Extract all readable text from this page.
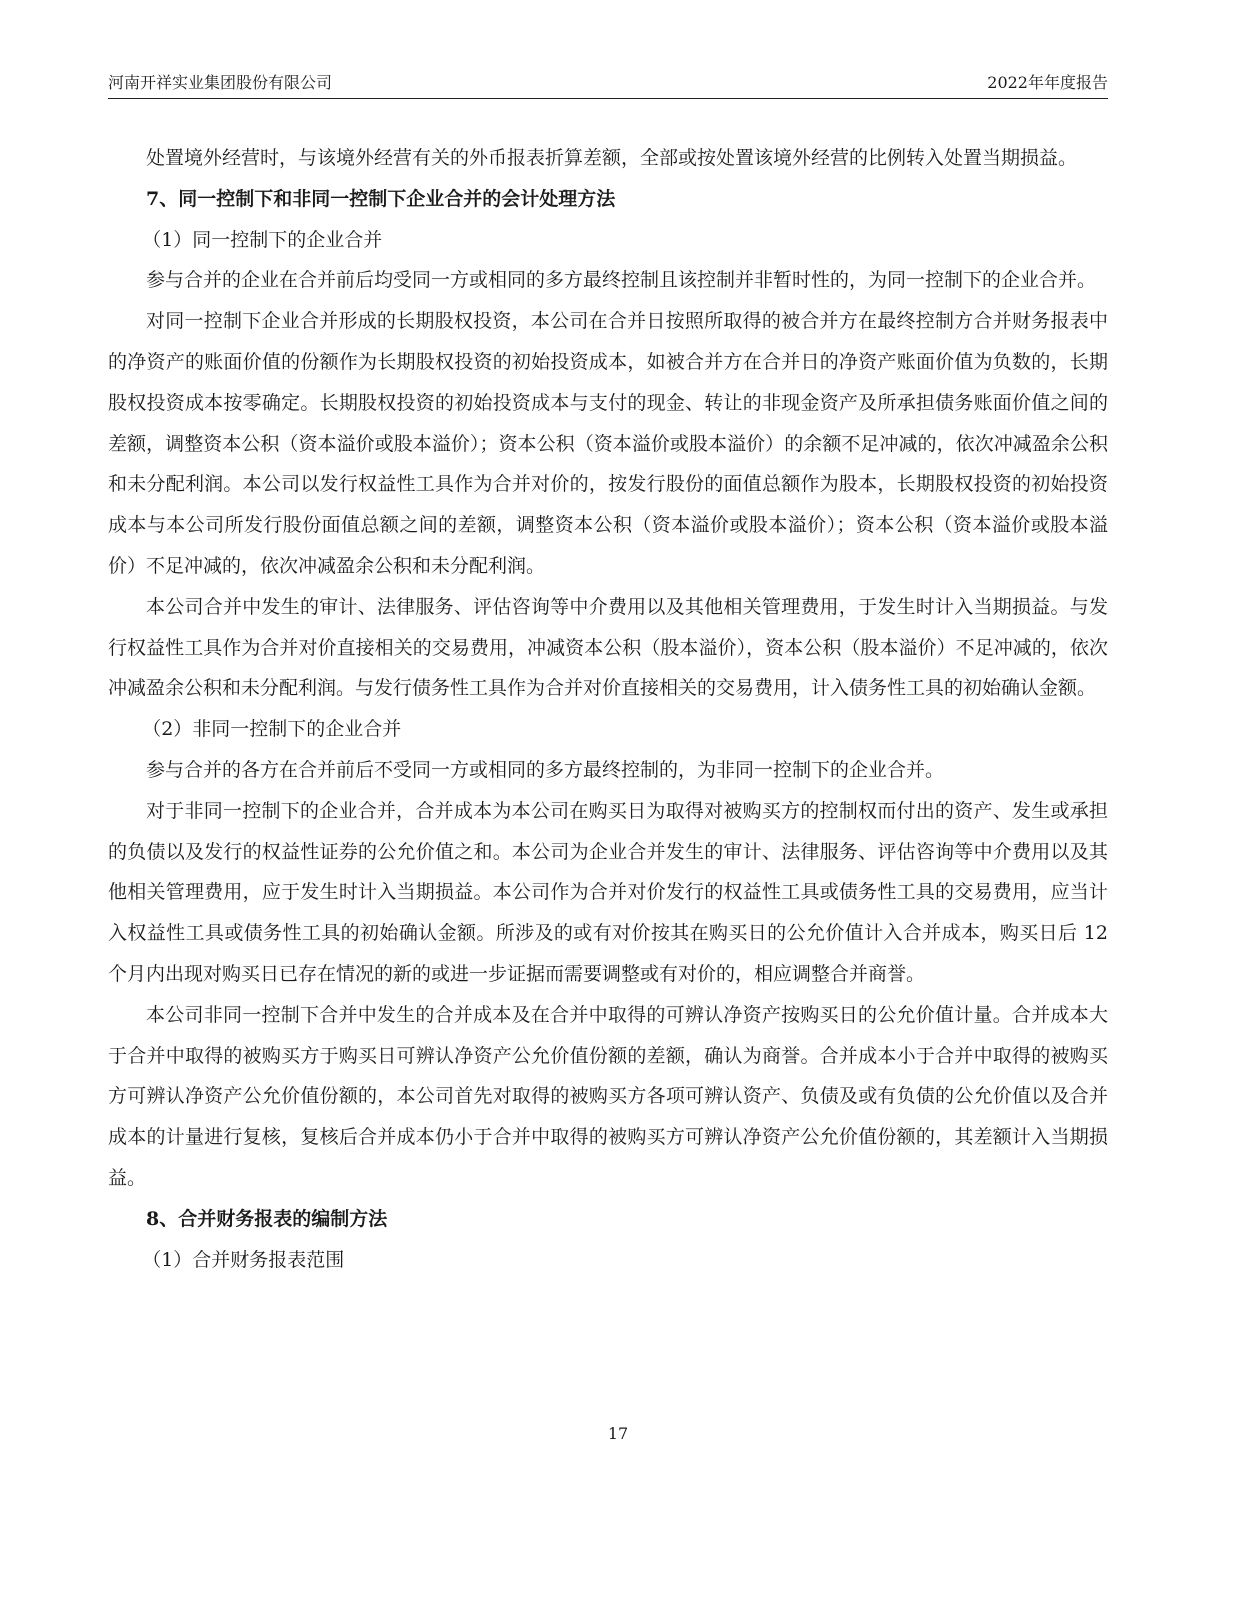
河南开祥实业集团股份有限公司	2022年年度报告

处置境外经营时，与该境外经营有关的外币报表折算差额，全部或按处置该境外经营的比例转入处置当期损益。

7、同一控制下和非同一控制下企业合并的会计处理方法

（1）同一控制下的企业合并

参与合并的企业在合并前后均受同一方或相同的多方最终控制且该控制并非暂时性的，为同一控制下的企业合并。

对同一控制下企业合并形成的长期股权投资，本公司在合并日按照所取得的被合并方在最终控制方合并财务报表中的净资产的账面价值的份额作为长期股权投资的初始投资成本，如被合并方在合并日的净资产账面价值为负数的，长期股权投资成本按零确定。长期股权投资的初始投资成本与支付的现金、转让的非现金资产及所承担债务账面价值之间的差额，调整资本公积（资本溢价或股本溢价）；资本公积（资本溢价或股本溢价）的余额不足冲减的，依次冲减盈余公积和未分配利润。本公司以发行权益性工具作为合并对价的，按发行股份的面值总额作为股本，长期股权投资的初始投资成本与本公司所发行股份面值总额之间的差额，调整资本公积（资本溢价或股本溢价）；资本公积（资本溢价或股本溢价）不足冲减的，依次冲减盈余公积和未分配利润。

本公司合并中发生的审计、法律服务、评估咨询等中介费用以及其他相关管理费用，于发生时计入当期损益。与发行权益性工具作为合并对价直接相关的交易费用，冲减资本公积（股本溢价），资本公积（股本溢价）不足冲减的，依次冲减盈余公积和未分配利润。与发行债务性工具作为合并对价直接相关的交易费用，计入债务性工具的初始确认金额。

（2）非同一控制下的企业合并

参与合并的各方在合并前后不受同一方或相同的多方最终控制的，为非同一控制下的企业合并。

对于非同一控制下的企业合并，合并成本为本公司在购买日为取得对被购买方的控制权而付出的资产、发生或承担的负债以及发行的权益性证券的公允价值之和。本公司为企业合并发生的审计、法律服务、评估咨询等中介费用以及其他相关管理费用，应于发生时计入当期损益。本公司作为合并对价发行的权益性工具或债务性工具的交易费用，应当计入权益性工具或债务性工具的初始确认金额。所涉及的或有对价按其在购买日的公允价值计入合并成本，购买日后 12 个月内出现对购买日已存在情况的新的或进一步证据而需要调整或有对价的，相应调整合并商誉。

本公司非同一控制下合并中发生的合并成本及在合并中取得的可辨认净资产按购买日的公允价值计量。合并成本大于合并中取得的被购买方于购买日可辨认净资产公允价值份额的差额，确认为商誉。合并成本小于合并中取得的被购买方可辨认净资产公允价值份额的，本公司首先对取得的被购买方各项可辨认资产、负债及或有负债的公允价值以及合并成本的计量进行复核，复核后合并成本仍小于合并中取得的被购买方可辨认净资产公允价值份额的，其差额计入当期损益。

8、合并财务报表的编制方法

（1）合并财务报表范围

17
